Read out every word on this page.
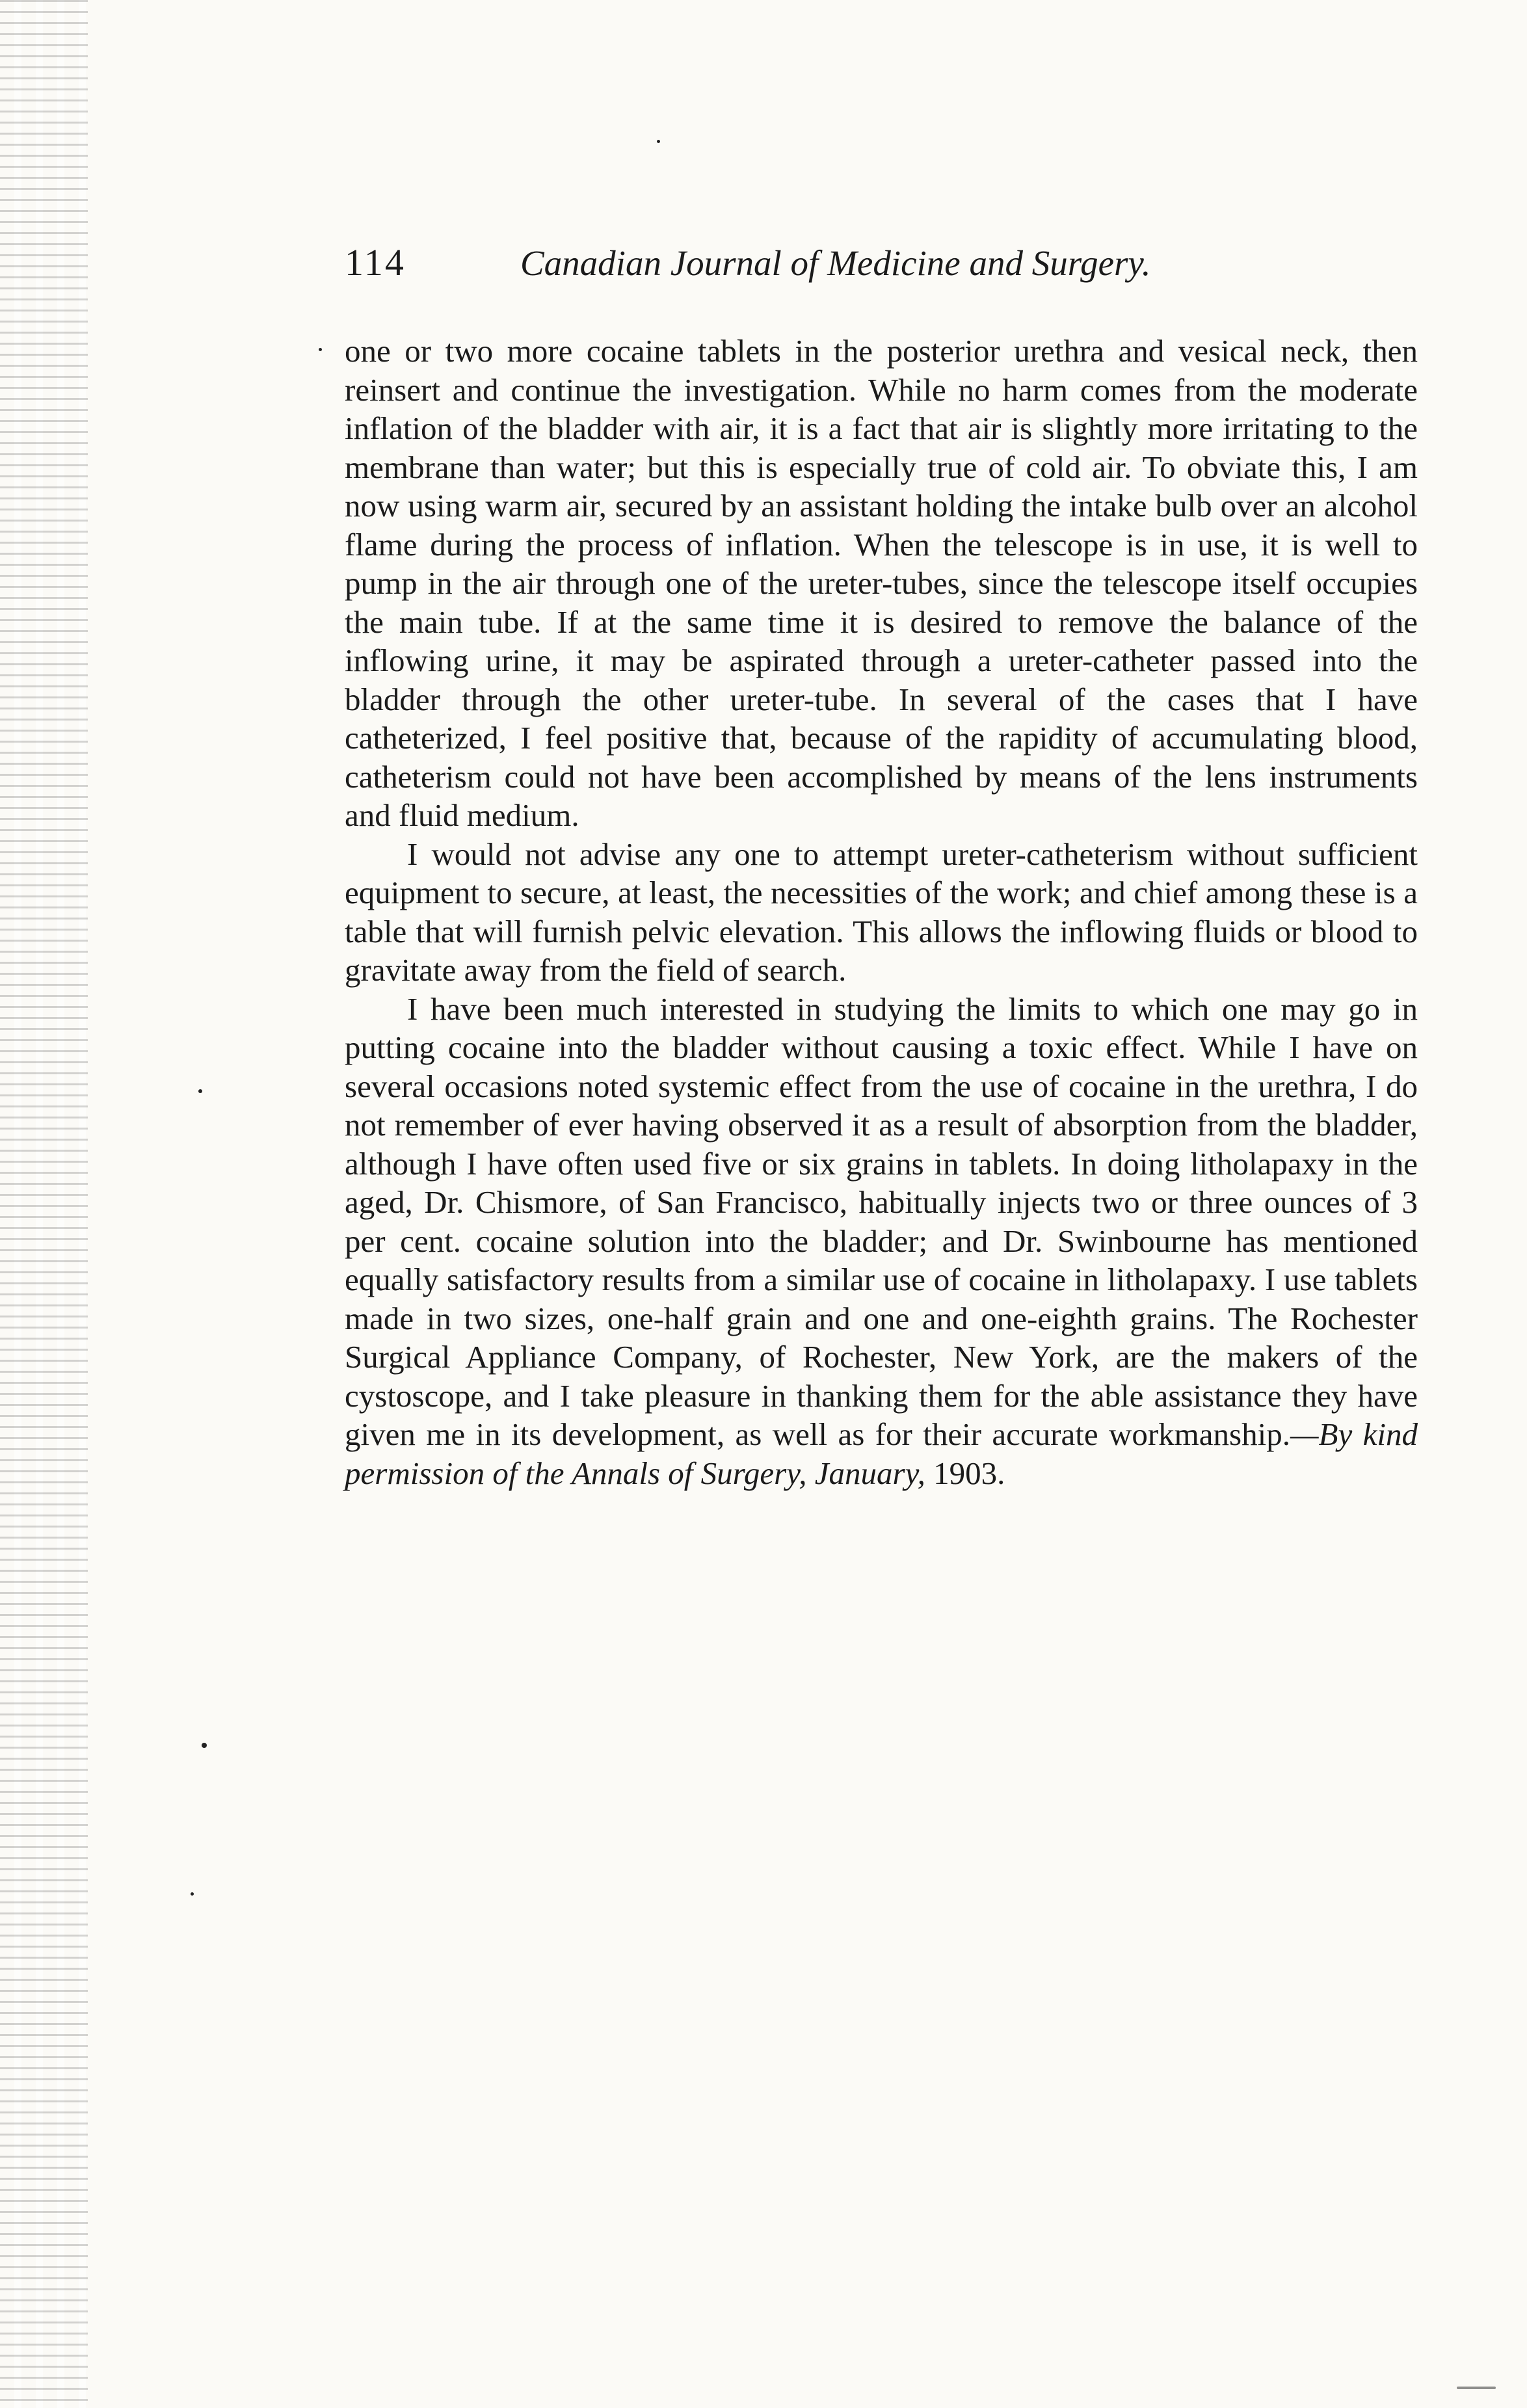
114	Canadian Journal of Medicine and Surgery.

one or two more cocaine tablets in the posterior urethra and vesical neck, then reinsert and continue the investigation. While no harm comes from the moderate inflation of the bladder with air, it is a fact that air is slightly more irritating to the membrane than water; but this is especially true of cold air. To obviate this, I am now using warm air, secured by an assistant holding the intake bulb over an alcohol flame during the process of inflation. When the telescope is in use, it is well to pump in the air through one of the ureter-tubes, since the telescope itself occupies the main tube. If at the same time it is desired to remove the balance of the inflowing urine, it may be aspirated through a ureter-catheter passed into the bladder through the other ureter-tube. In several of the cases that I have catheterized, I feel positive that, because of the rapidity of accumulating blood, catheterism could not have been accomplished by means of the lens instruments and fluid medium.

I would not advise any one to attempt ureter-catheterism without sufficient equipment to secure, at least, the necessities of the work; and chief among these is a table that will furnish pelvic elevation. This allows the inflowing fluids or blood to gravitate away from the field of search.

I have been much interested in studying the limits to which one may go in putting cocaine into the bladder without causing a toxic effect. While I have on several occasions noted systemic effect from the use of cocaine in the urethra, I do not remember of ever having observed it as a result of absorption from the bladder, although I have often used five or six grains in tablets. In doing litholapaxy in the aged, Dr. Chismore, of San Francisco, habitually injects two or three ounces of 3 per cent. cocaine solution into the bladder; and Dr. Swinbourne has mentioned equally satisfactory results from a similar use of cocaine in litholapaxy. I use tablets made in two sizes, one-half grain and one and one-eighth grains. The Rochester Surgical Appliance Company, of Rochester, New York, are the makers of the cystoscope, and I take pleasure in thanking them for the able assistance they have given me in its development, as well as for their accurate workmanship.—By kind permission of the Annals of Surgery, January, 1903.
